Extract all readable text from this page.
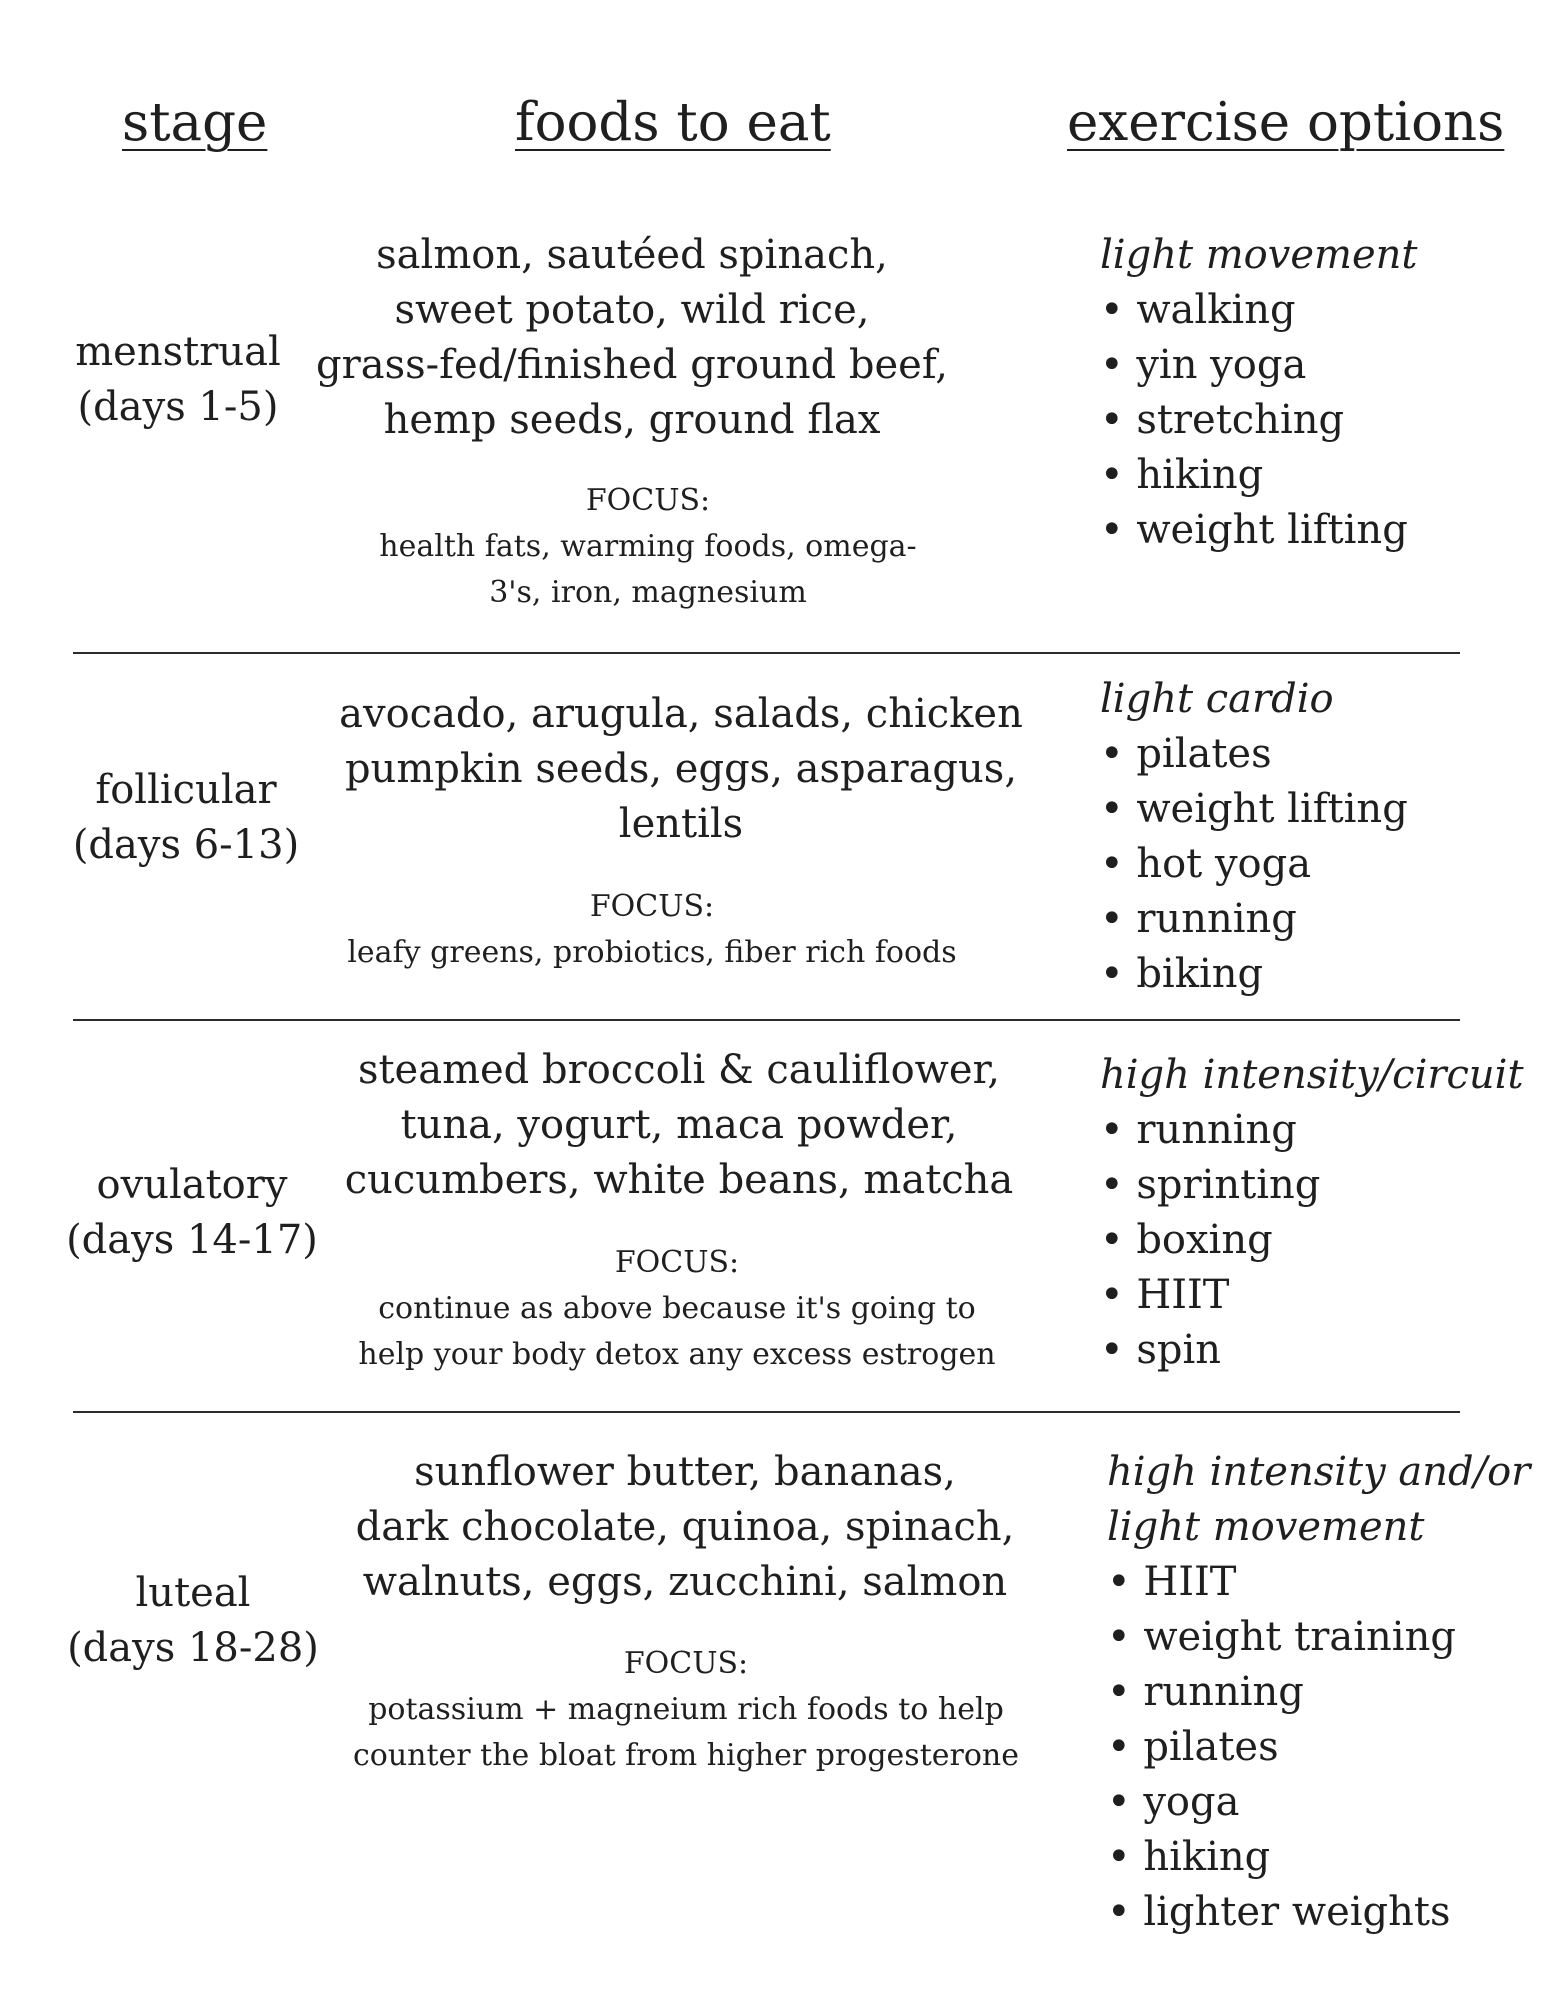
stage	foods to eat	exercise options
menstrual
(days 1-5)
salmon, sautéed spinach,
sweet potato, wild rice,
grass-fed/finished ground beef,
hemp seeds, ground flax
FOCUS:
health fats, warming foods, omega-
3's, iron, magnesium
light movement
• walking
• yin yoga
• stretching
• hiking
• weight lifting
follicular
(days 6-13)
avocado, arugula, salads, chicken
pumpkin seeds, eggs, asparagus,
lentils
FOCUS:
leafy greens, probiotics, fiber rich foods
light cardio
• pilates
• weight lifting
• hot yoga
• running
• biking
ovulatory
(days 14-17)
steamed broccoli & cauliflower,
tuna, yogurt, maca powder,
cucumbers, white beans, matcha
FOCUS:
continue as above because it's going to
help your body detox any excess estrogen
high intensity/circuit
• running
• sprinting
• boxing
• HIIT
• spin
luteal
(days 18-28)
sunflower butter, bananas,
dark chocolate, quinoa, spinach,
walnuts, eggs, zucchini, salmon
FOCUS:
potassium + magneium rich foods to help
counter the bloat from higher progesterone
high intensity and/or
light movement
• HIIT
• weight training
• running
• pilates
• yoga
• hiking
• lighter weights
